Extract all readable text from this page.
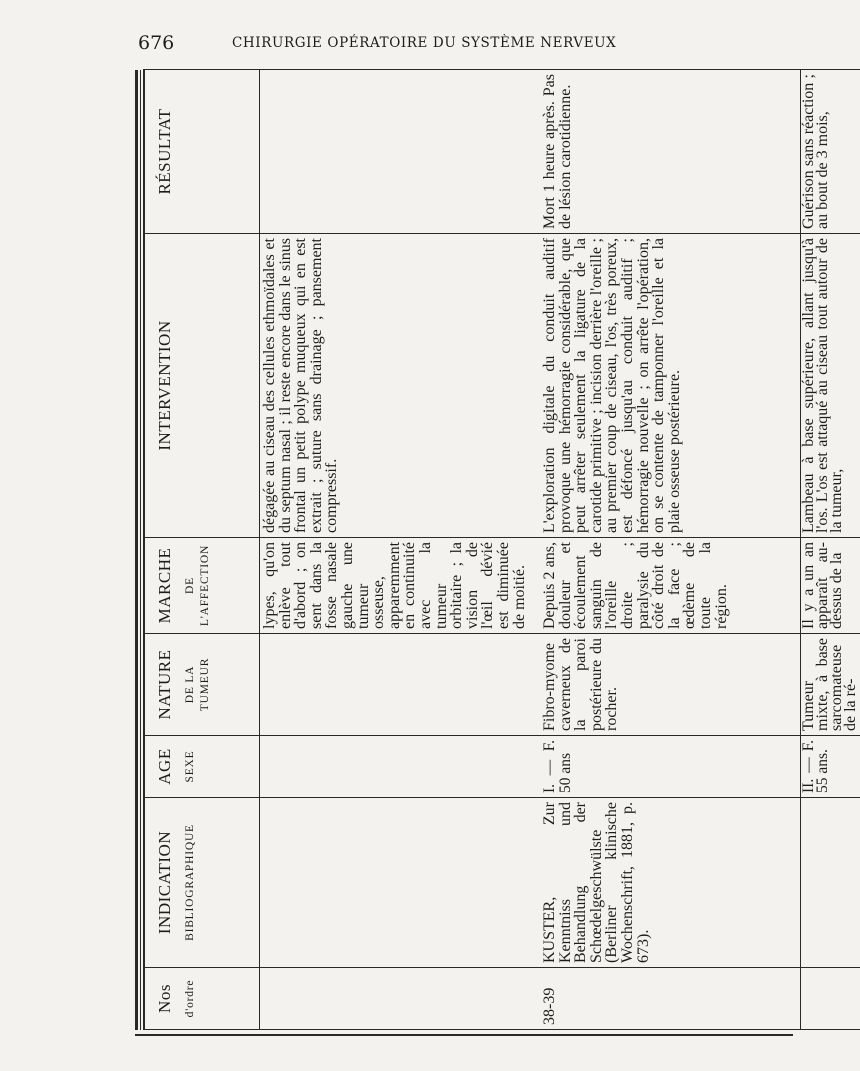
676	CHIRURGIE OPÉRATOIRE DU SYSTÈME NERVEUX
Nos d'ordre	INDICATION BIBLIOGRAPHIQUE	AGE SEXE	NATURE DE LA TUMEUR	MARCHE DE L'AFFECTION	INTERVENTION	RÉSULTAT

				lypes, qu'on enlève tout d'abord ; on sent dans la fosse nasale gauche une tumeur osseuse, apparemment en continuité avec la tumeur orbitaire ; la vision de l'œil dévié est diminuée de moitié.	dégagée au ciseau des cellules ethmoïdales et du septum nasal ; il reste encore dans le sinus frontal un petit polype muqueux qui en est extrait ; suture sans drainage ; pansement compressif.	
38-39	KUSTER, Zur Kenntniss und Behandlung der Schœdelgeschwülste (Berliner klinische Wochenschrift, 1881, p. 673).	I. — F. 50 ans	Fibro-myome caverneux de la paroi postérieure du rocher.	Depuis 2 ans, douleur et écoulement sanguin de l'oreille droite ; paralysie du côté droit de la face ; œdème de toute la région.	L'exploration digitale du conduit auditif provoque une hémorragie considérable, que peut arrêter seulement la ligature de la carotide primitive ; incision derrière l'oreille ; au premier coup de ciseau, l'os, très poreux, est défoncé jusqu'au conduit auditif ; hémorragie nouvelle ; on arrête l'opération, on se contente de tamponner l'oreille et la plaie osseuse postérieure.	Mort 1 heure après. Pas de lésion carotidienne.
		II. — F. 55 ans.	Tumeur mixte, à base sarcomateuse de la ré-	Il y a un an apparaît au-dessus de la	Lambeau à base supérieure, allant jusqu'à l'os. L'os est attaqué au ciseau tout autour de la tumeur,	Guérison sans réaction ; au bout de 3 mois,
